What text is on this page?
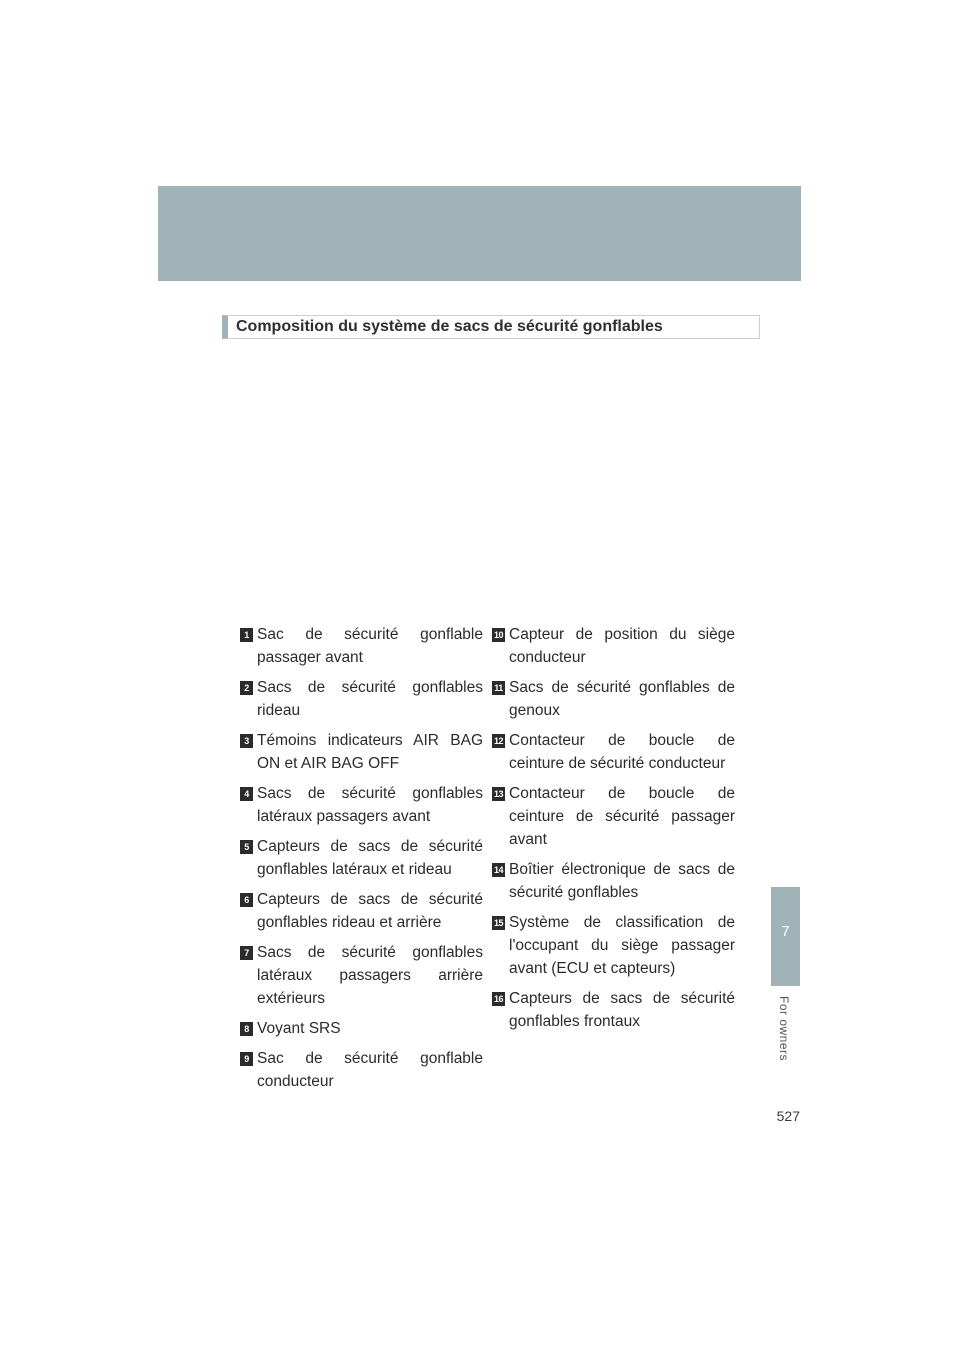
Composition du système de sacs de sécurité gonflables
1 Sac de sécurité gonflable passager avant
2 Sacs de sécurité gonflables rideau
3 Témoins indicateurs AIR BAG ON et AIR BAG OFF
4 Sacs de sécurité gonflables latéraux passagers avant
5 Capteurs de sacs de sécurité gonflables latéraux et rideau
6 Capteurs de sacs de sécurité gonflables rideau et arrière
7 Sacs de sécurité gonflables latéraux passagers arrière extérieurs
8 Voyant SRS
9 Sac de sécurité gonflable conducteur
10 Capteur de position du siège conducteur
11 Sacs de sécurité gonflables de genoux
12 Contacteur de boucle de ceinture de sécurité conducteur
13 Contacteur de boucle de ceinture de sécurité passager avant
14 Boîtier électronique de sacs de sécurité gonflables
15 Système de classification de l'occupant du siège passager avant (ECU et capteurs)
16 Capteurs de sacs de sécurité gonflables frontaux
7
For owners
527
